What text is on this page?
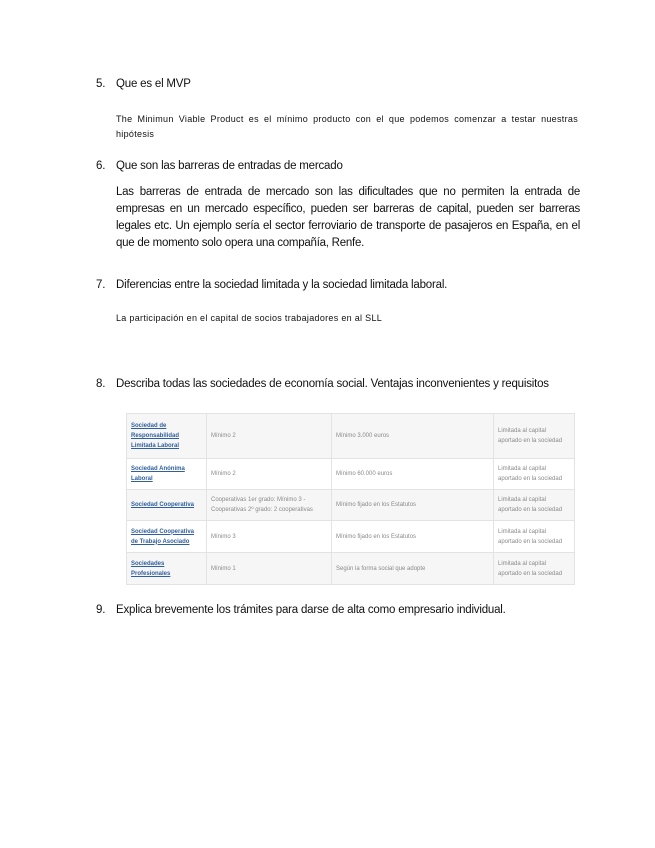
5. Que es el MVP
The Minimun Viable Product es el mínimo producto con el que podemos comenzar a testar nuestras hipótesis
6. Que son las barreras de entradas de mercado
Las barreras de entrada de mercado son las dificultades que no permiten la entrada de empresas en un mercado específico, pueden ser barreras de capital, pueden ser barreras legales etc. Un ejemplo sería el sector ferroviario de transporte de pasajeros en España, en el que de momento solo opera una compañía, Renfe.
7. Diferencias entre la sociedad limitada y la sociedad limitada laboral.
La participación en el capital de socios trabajadores en al SLL
8. Describa todas las sociedades de economía social. Ventajas inconvenientes y requisitos
Sociedad de Responsabilidad Limitada Laboral	Mínimo 2	Mínimo 3.000 euros	Limitada al capital aportado en la sociedad
Sociedad Anónima Laboral	Mínimo 2	Mínimo 60.000 euros	Limitada al capital aportado en la sociedad
Sociedad Cooperativa	Cooperativas 1er grado: Mínimo 3 - Cooperativas 2º grado: 2 cooperativas	Mínimo fijado en los Estatutos	Limitada al capital aportado en la sociedad
Sociedad Cooperativa de Trabajo Asociado	Mínimo 3	Mínimo fijado en los Estatutos	Limitada al capital aportado en la sociedad
Sociedades Profesionales	Mínimo 1	Según la forma social que adopte	Limitada al capital aportado en la sociedad
9. Explica brevemente los trámites para darse de alta como empresario individual.
